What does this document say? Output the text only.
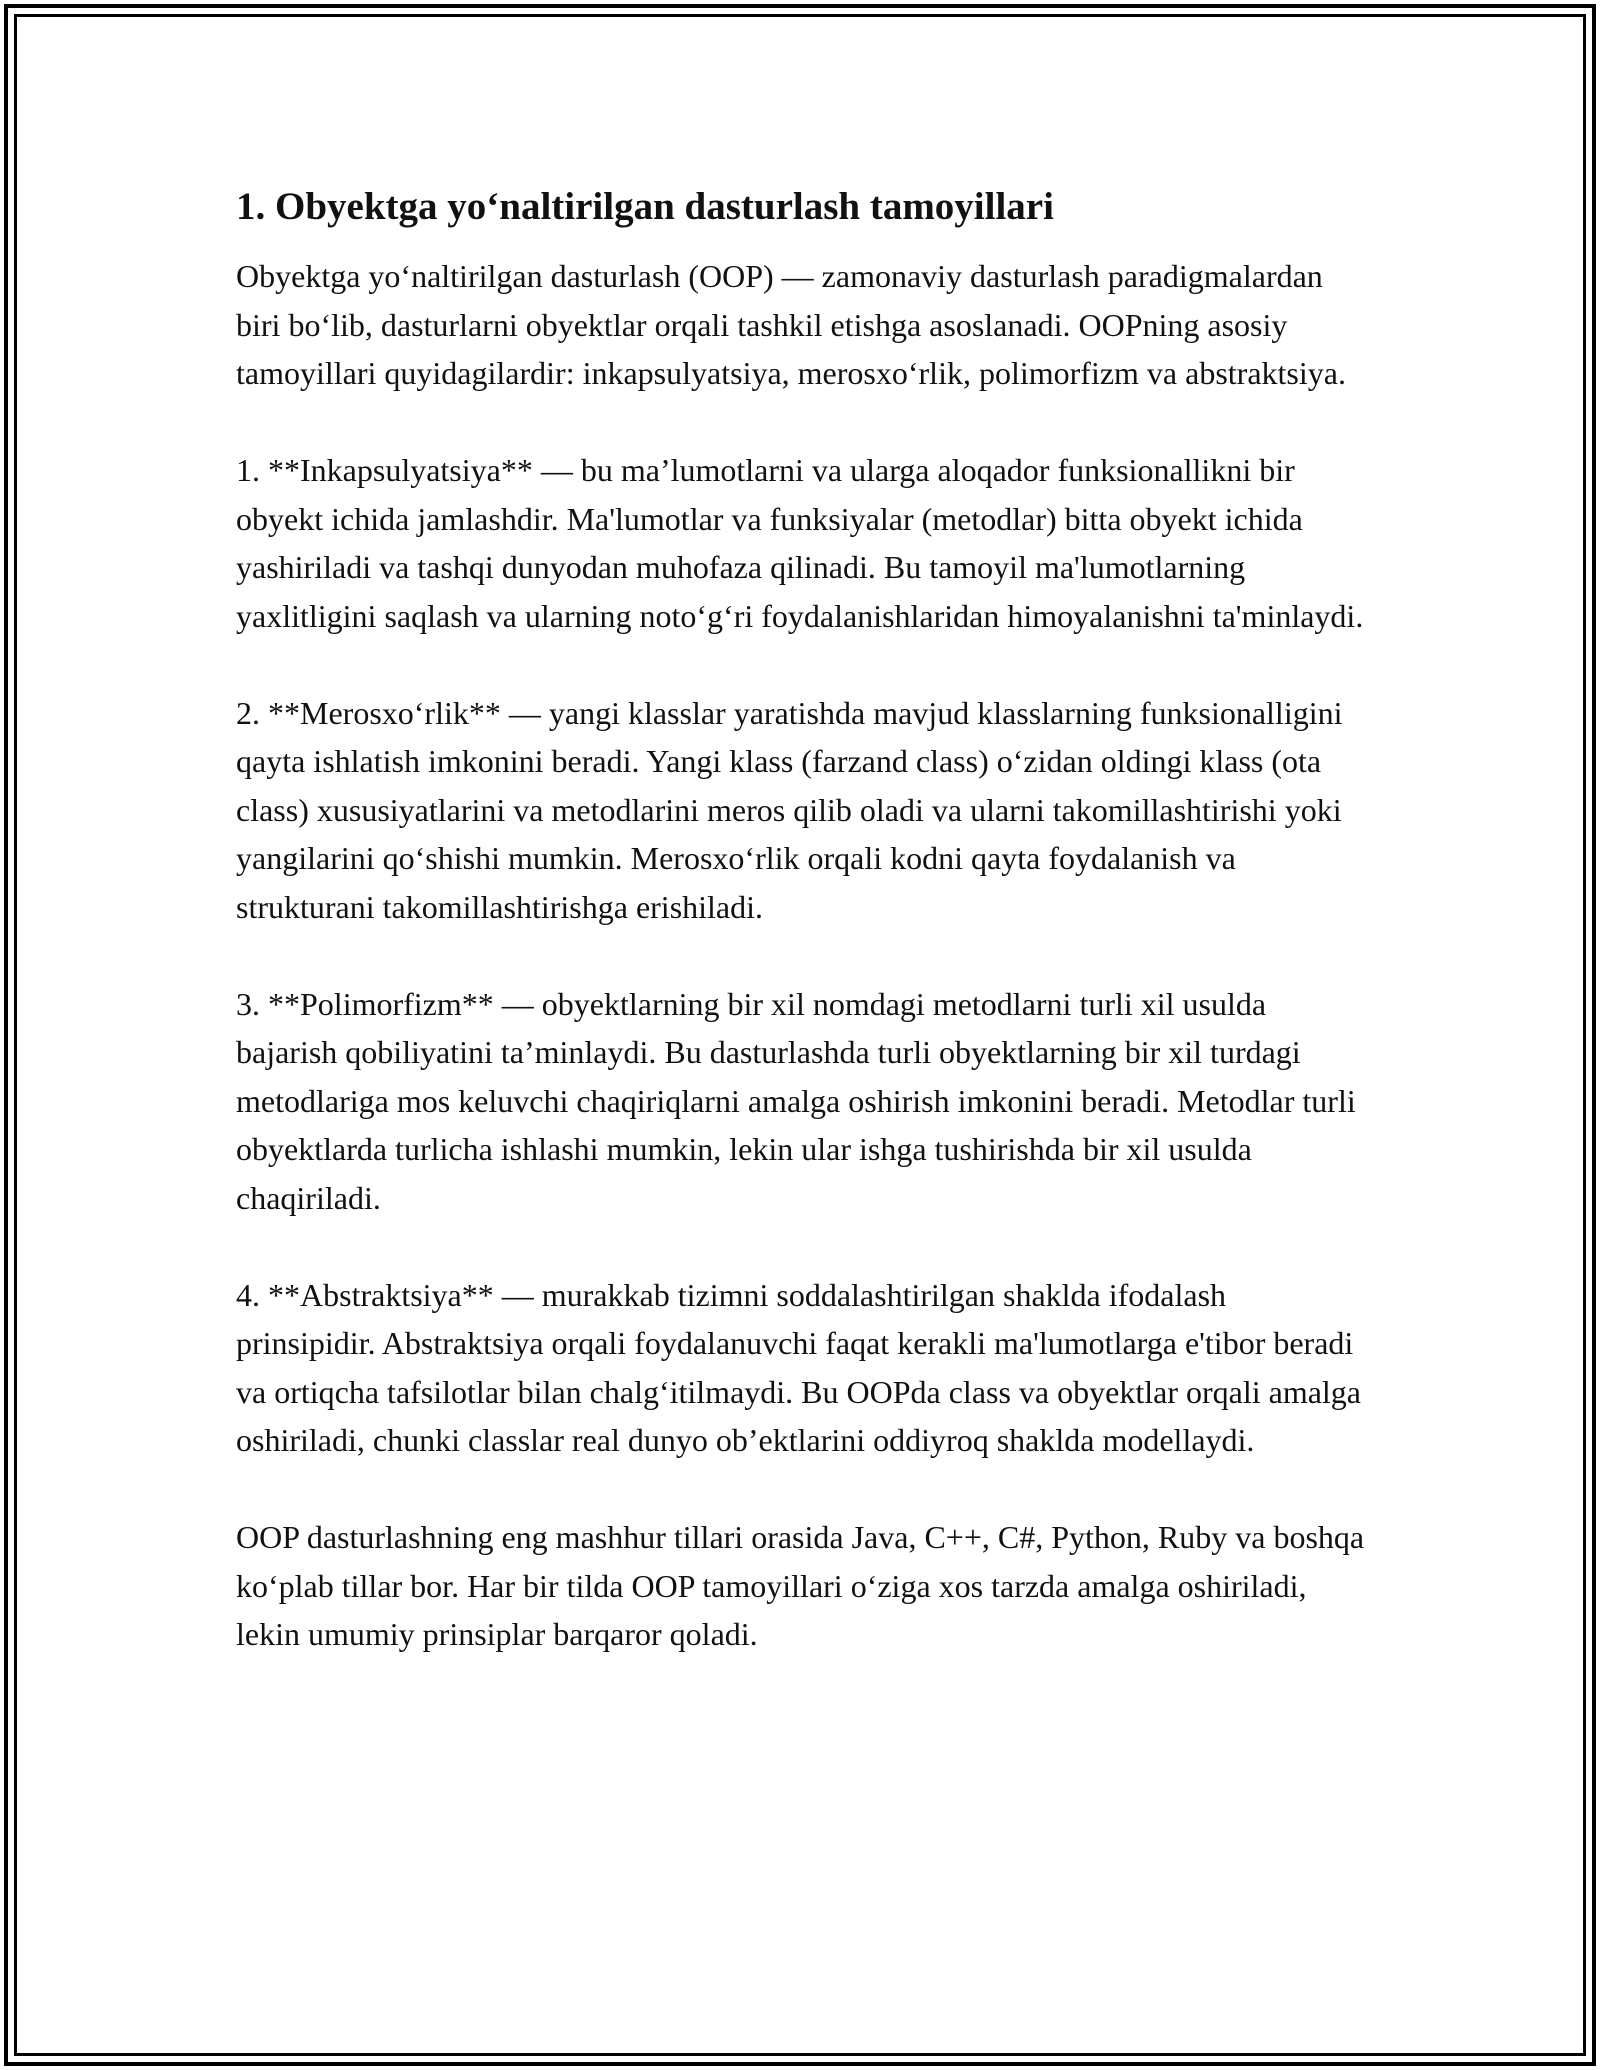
1. Obyektga yo‘naltirilgan dasturlash tamoyillari

Obyektga yo‘naltirilgan dasturlash (OOP) — zamonaviy dasturlash paradigmalardan biri bo‘lib, dasturlarni obyektlar orqali tashkil etishga asoslanadi. OOPning asosiy tamoyillari quyidagilardir: inkapsulyatsiya, merosxo‘rlik, polimorfizm va abstraktsiya.

1. **Inkapsulyatsiya** — bu ma’lumotlarni va ularga aloqador funksionallikni bir obyekt ichida jamlashdir. Ma'lumotlar va funksiyalar (metodlar) bitta obyekt ichida yashiriladi va tashqi dunyodan muhofaza qilinadi. Bu tamoyil ma'lumotlarning yaxlitligini saqlash va ularning noto‘g‘ri foydalanishlaridan himoyalanishni ta'minlaydi.

2. **Merosxo‘rlik** — yangi klasslar yaratishda mavjud klasslarning funksionalligini qayta ishlatish imkonini beradi. Yangi klass (farzand class) o‘zidan oldingi klass (ota class) xususiyatlarini va metodlarini meros qilib oladi va ularni takomillashtirishi yoki yangilarini qo‘shishi mumkin. Merosxo‘rlik orqali kodni qayta foydalanish va strukturani takomillashtirishga erishiladi.

3. **Polimorfizm** — obyektlarning bir xil nomdagi metodlarni turli xil usulda bajarish qobiliyatini ta’minlaydi. Bu dasturlashda turli obyektlarning bir xil turdagi metodlariga mos keluvchi chaqiriqlarni amalga oshirish imkonini beradi. Metodlar turli obyektlarda turlicha ishlashi mumkin, lekin ular ishga tushirishda bir xil usulda chaqiriladi.

4. **Abstraktsiya** — murakkab tizimni soddalashtirilgan shaklda ifodalash prinsipidir. Abstraktsiya orqali foydalanuvchi faqat kerakli ma'lumotlarga e'tibor beradi va ortiqcha tafsilotlar bilan chalg‘itilmaydi. Bu OOPda class va obyektlar orqali amalga oshiriladi, chunki classlar real dunyo ob’ektlarini oddiyroq shaklda modellaydi.

OOP dasturlashning eng mashhur tillari orasida Java, C++, C#, Python, Ruby va boshqa ko‘plab tillar bor. Har bir tilda OOP tamoyillari o‘ziga xos tarzda amalga oshiriladi, lekin umumiy prinsiplar barqaror qoladi.
